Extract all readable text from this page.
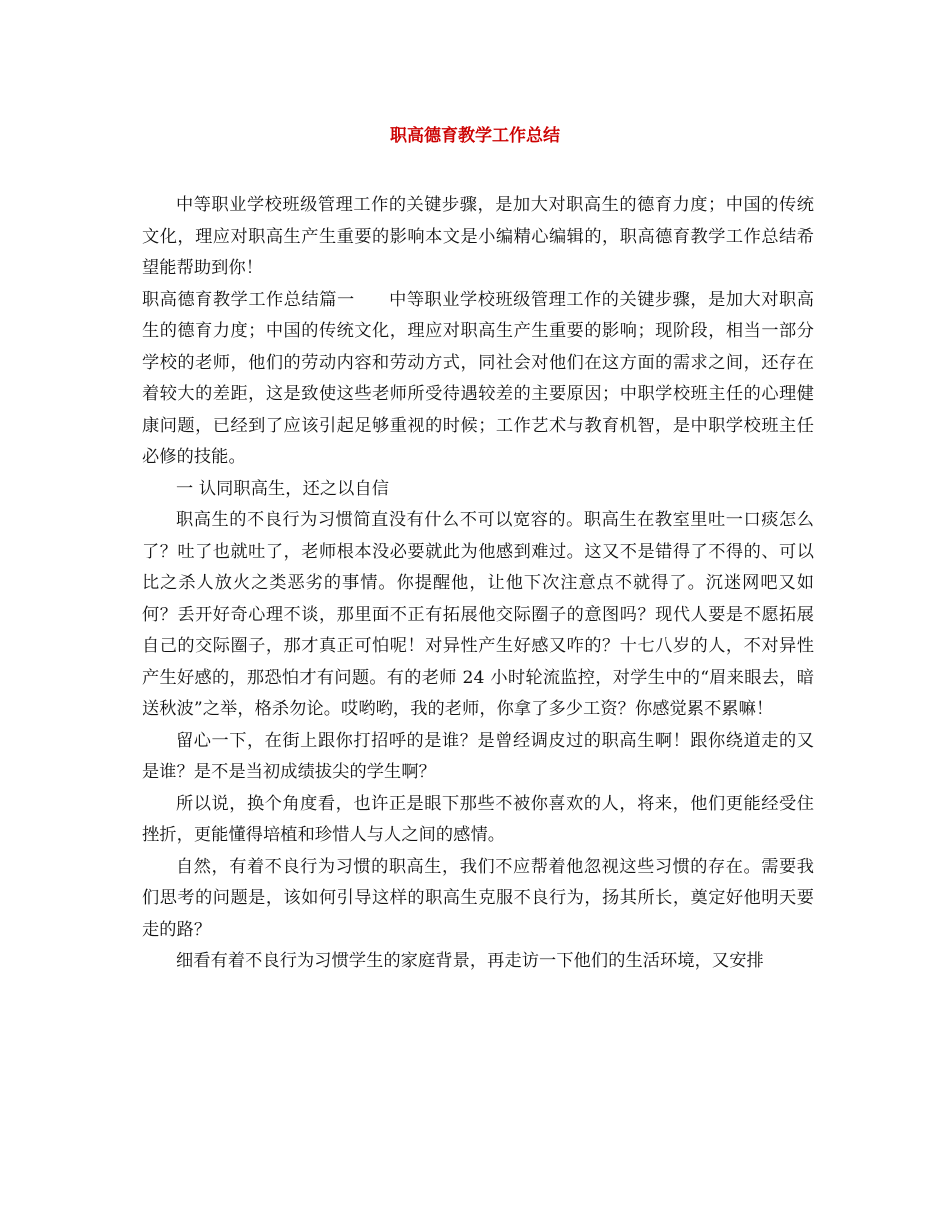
职高德育教学工作总结

中等职业学校班级管理工作的关键步骤，是加大对职高生的德育力度；中国的传统文化，理应对职高生产生重要的影响本文是小编精心编辑的，职高德育教学工作总结希望能帮助到你！

职高德育教学工作总结篇一 中等职业学校班级管理工作的关键步骤，是加大对职高生的德育力度；中国的传统文化，理应对职高生产生重要的影响；现阶段，相当一部分学校的老师，他们的劳动内容和劳动方式，同社会对他们在这方面的需求之间，还存在着较大的差距，这是致使这些老师所受待遇较差的主要原因；中职学校班主任的心理健康问题，已经到了应该引起足够重视的时候；工作艺术与教育机智，是中职学校班主任必修的技能。

一 认同职高生，还之以自信

职高生的不良行为习惯简直没有什么不可以宽容的。职高生在教室里吐一口痰怎么了？吐了也就吐了，老师根本没必要就此为他感到难过。这又不是错得了不得的、可以比之杀人放火之类恶劣的事情。你提醒他，让他下次注意点不就得了。沉迷网吧又如何？丢开好奇心理不谈，那里面不正有拓展他交际圈子的意图吗？现代人要是不愿拓展自己的交际圈子，那才真正可怕呢！对异性产生好感又咋的？十七八岁的人，不对异性产生好感的，那恐怕才有问题。有的老师 24 小时轮流监控，对学生中的“眉来眼去，暗送秋波”之举，格杀勿论。哎哟哟，我的老师，你拿了多少工资？你感觉累不累嘛！

留心一下，在街上跟你打招呼的是谁？是曾经调皮过的职高生啊！跟你绕道走的又是谁？是不是当初成绩拔尖的学生啊？

所以说，换个角度看，也许正是眼下那些不被你喜欢的人，将来，他们更能经受住挫折，更能懂得培植和珍惜人与人之间的感情。

自然，有着不良行为习惯的职高生，我们不应帮着他忽视这些习惯的存在。需要我们思考的问题是，该如何引导这样的职高生克服不良行为，扬其所长，奠定好他明天要走的路？

细看有着不良行为习惯学生的家庭背景，再走访一下他们的生活环境，又安排
